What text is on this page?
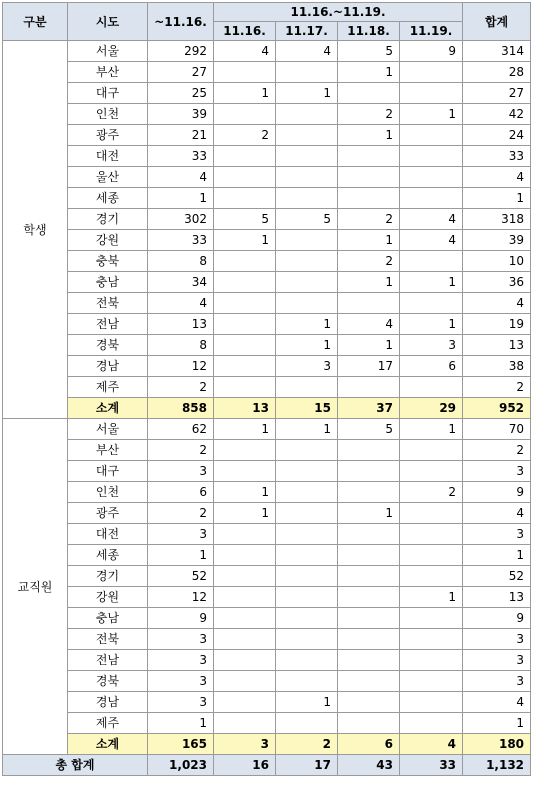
구분	시도	~11.16.	11.16.~11.19.				합계
			11.16.	11.17.	11.18.	11.19.	
학생	서울	292	4	4	5	9	314
	부산	27			1		28
	대구	25	1	1			27
	인천	39			2	1	42
	광주	21	2		1		24
	대전	33					33
	울산	4					4
	세종	1					1
	경기	302	5	5	2	4	318
	강원	33	1		1	4	39
	충북	8			2		10
	충남	34			1	1	36
	전북	4					4
	전남	13		1	4	1	19
	경북	8		1	1	3	13
	경남	12		3	17	6	38
	제주	2					2
	소계	858	13	15	37	29	952
교직원	서울	62	1	1	5	1	70
	부산	2					2
	대구	3					3
	인천	6	1			2	9
	광주	2	1		1		4
	대전	3					3
	세종	1					1
	경기	52					52
	강원	12				1	13
	충남	9					9
	전북	3					3
	전남	3					3
	경북	3					3
	경남	3		1			4
	제주	1					1
	소계	165	3	2	6	4	180
총 합계		1,023	16	17	43	33	1,132
